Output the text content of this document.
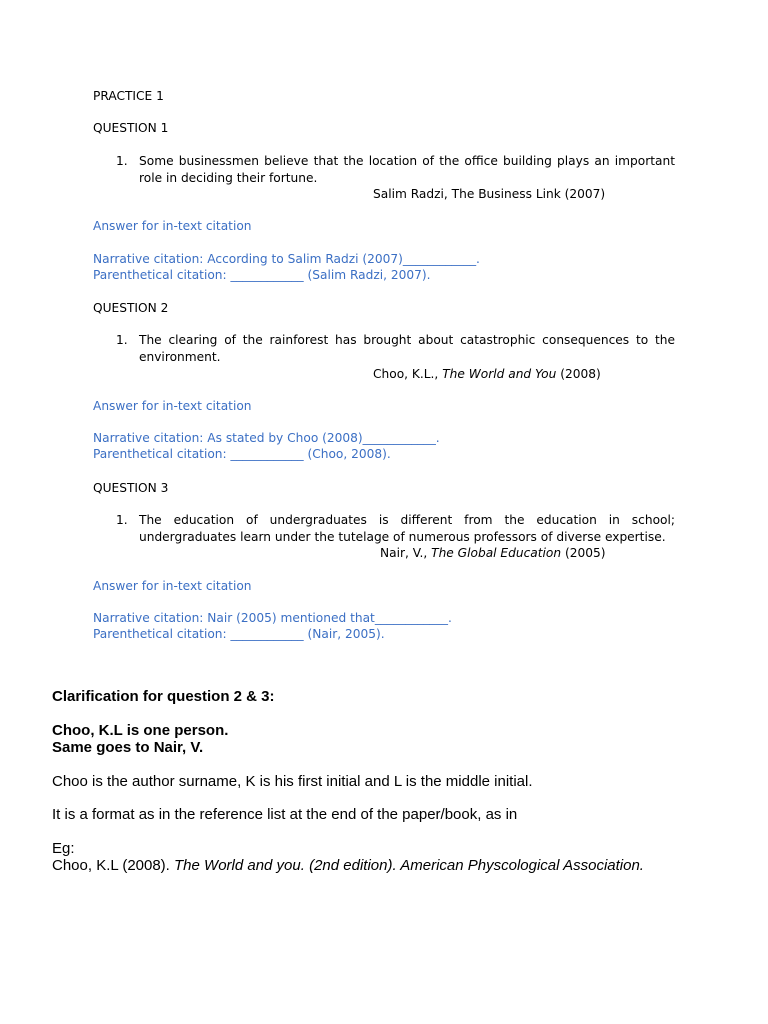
PRACTICE 1
QUESTION 1
1. Some businessmen believe that the location of the office building plays an important role in deciding their fortune.
Salim Radzi, The Business Link (2007)
Answer for in-text citation
Narrative citation: According to Salim Radzi (2007)____________.
Parenthetical citation: ____________ (Salim Radzi, 2007).
QUESTION 2
1. The clearing of the rainforest has brought about catastrophic consequences to the environment.
Choo, K.L., The World and You (2008)
Answer for in-text citation
Narrative citation: As stated by Choo (2008)____________.
Parenthetical citation: ____________ (Choo, 2008).
QUESTION 3
1. The education of undergraduates is different from the education in school; undergraduates learn under the tutelage of numerous professors of diverse expertise.
Nair, V., The Global Education (2005)
Answer for in-text citation
Narrative citation: Nair (2005) mentioned that____________.
Parenthetical citation: ____________ (Nair, 2005).
Clarification for question 2 & 3:
Choo, K.L is one person.
Same goes to Nair, V.
Choo is the author surname, K is his first initial and L is the middle initial.
It is a format as in the reference list at the end of the paper/book, as in
Eg:
Choo, K.L (2008). The World and you. (2nd edition). American Physcological Association.
